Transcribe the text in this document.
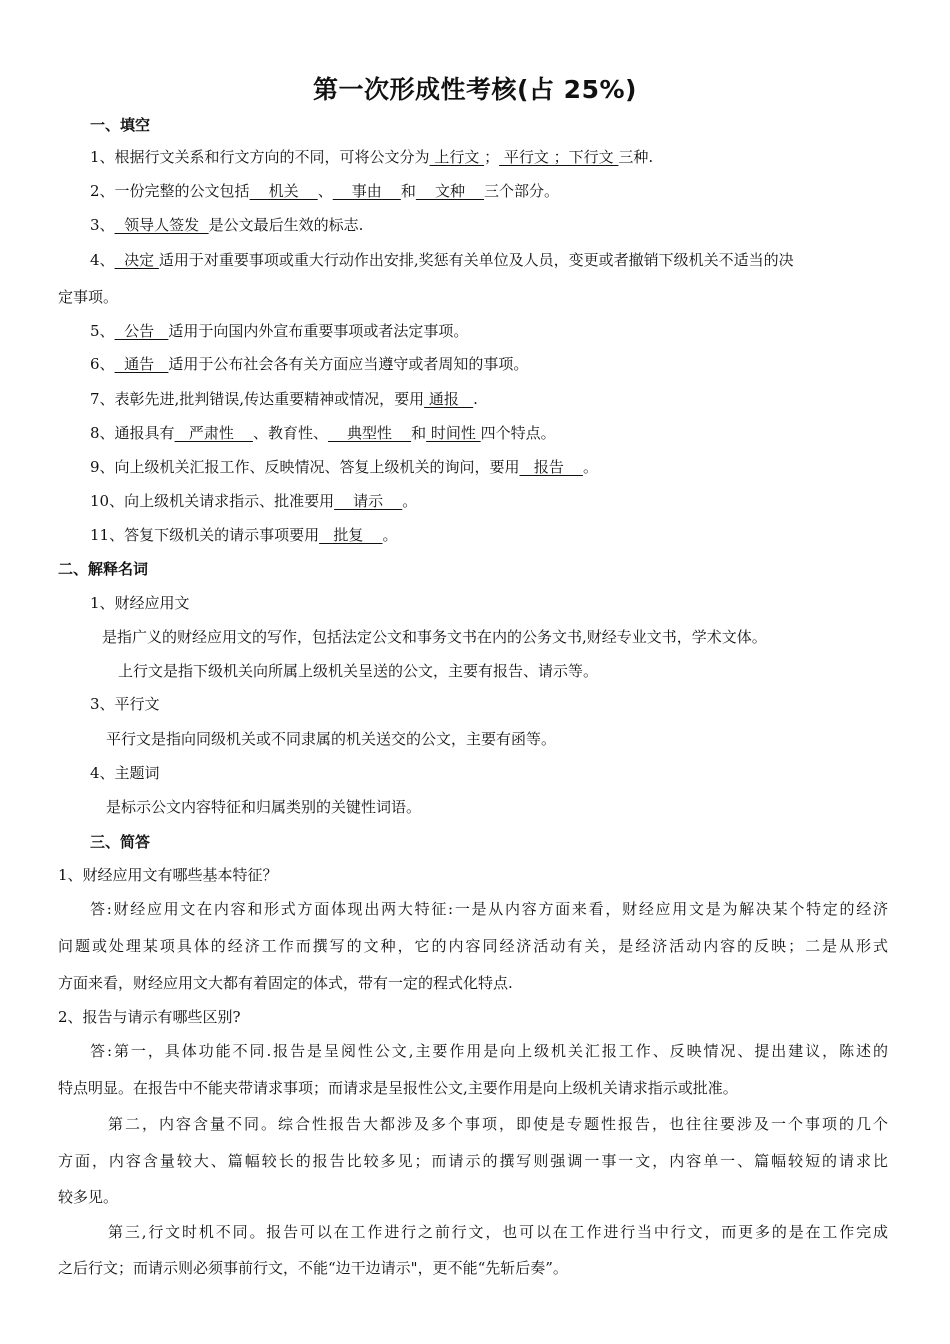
第一次形成性考核(占 25%)
一、填空
1、根据行文关系和行文方向的不同，可将公文分为 上行文 ； 平行文 ；下行文 三种.
2、一份完整的公文包括    机关    、    事由    和    文种    三个部分。
3、  领导人签发  是公文最后生效的标志.
4、  决定 适用于对重要事项或重大行动作出安排,奖惩有关单位及人员，变更或者撤销下级机关不适当的决
定事项。
5、  公告   适用于向国内外宣布重要事项或者法定事项。
6、  通告   适用于公布社会各有关方面应当遵守或者周知的事项。
7、表彰先进,批判错误,传达重要精神或情况，要用 通报   .
8、通报具有   严肃性    、教育性、    典型性    和 时间性 四个特点。
9、向上级机关汇报工作、反映情况、答复上级机关的询问，要用   报告    。
10、向上级机关请求指示、批准要用    请示    。
11、答复下级机关的请示事项要用   批复    。
二、解释名词
1、财经应用文
是指广义的财经应用文的写作，包括法定公文和事务文书在内的公务文书,财经专业文书，学术文体。
上行文是指下级机关向所属上级机关呈送的公文，主要有报告、请示等。
3、平行文
平行文是指向同级机关或不同隶属的机关送交的公文，主要有函等。
4、主题词
是标示公文内容特征和归属类别的关键性词语。
三、简答
1、财经应用文有哪些基本特征？
答:财经应用文在内容和形式方面体现出两大特征:一是从内容方面来看，财经应用文是为解决某个特定的经济
问题或处理某项具体的经济工作而撰写的文种，它的内容同经济活动有关，是经济活动内容的反映；二是从形式
方面来看，财经应用文大都有着固定的体式，带有一定的程式化特点.
2、报告与请示有哪些区别?
答:第一，具体功能不同.报告是呈阅性公文,主要作用是向上级机关汇报工作、反映情况、提出建议，陈述的
特点明显。在报告中不能夹带请求事项；而请求是呈报性公文,主要作用是向上级机关请求指示或批准。
第二，内容含量不同。综合性报告大都涉及多个事项，即使是专题性报告，也往往要涉及一个事项的几个
方面，内容含量较大、篇幅较长的报告比较多见；而请示的撰写则强调一事一文，内容单一、篇幅较短的请求比
较多见。
第三,行文时机不同。报告可以在工作进行之前行文，也可以在工作进行当中行文，而更多的是在工作完成
之后行文；而请示则必须事前行文，不能“边干边请示"，更不能“先斩后奏”。
